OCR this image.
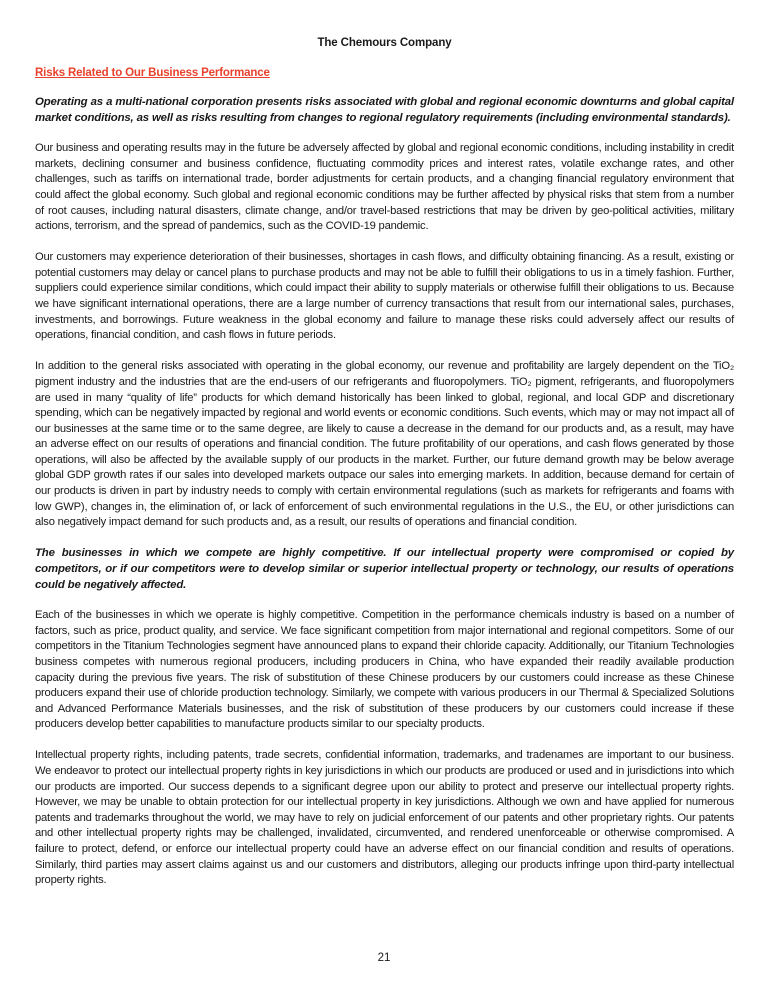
The Chemours Company
Risks Related to Our Business Performance
Operating as a multi-national corporation presents risks associated with global and regional economic downturns and global capital market conditions, as well as risks resulting from changes to regional regulatory requirements (including environmental standards).

Our business and operating results may in the future be adversely affected by global and regional economic conditions, including instability in credit markets, declining consumer and business confidence, fluctuating commodity prices and interest rates, volatile exchange rates, and other challenges, such as tariffs on international trade, border adjustments for certain products, and a changing financial regulatory environment that could affect the global economy. Such global and regional economic conditions may be further affected by physical risks that stem from a number of root causes, including natural disasters, climate change, and/or travel-based restrictions that may be driven by geo-political activities, military actions, terrorism, and the spread of pandemics, such as the COVID-19 pandemic.

Our customers may experience deterioration of their businesses, shortages in cash flows, and difficulty obtaining financing. As a result, existing or potential customers may delay or cancel plans to purchase products and may not be able to fulfill their obligations to us in a timely fashion. Further, suppliers could experience similar conditions, which could impact their ability to supply materials or otherwise fulfill their obligations to us. Because we have significant international operations, there are a large number of currency transactions that result from our international sales, purchases, investments, and borrowings. Future weakness in the global economy and failure to manage these risks could adversely affect our results of operations, financial condition, and cash flows in future periods.

In addition to the general risks associated with operating in the global economy, our revenue and profitability are largely dependent on the TiO₂ pigment industry and the industries that are the end-users of our refrigerants and fluoropolymers. TiO₂ pigment, refrigerants, and fluoropolymers are used in many “quality of life” products for which demand historically has been linked to global, regional, and local GDP and discretionary spending, which can be negatively impacted by regional and world events or economic conditions. Such events, which may or may not impact all of our businesses at the same time or to the same degree, are likely to cause a decrease in the demand for our products and, as a result, may have an adverse effect on our results of operations and financial condition. The future profitability of our operations, and cash flows generated by those operations, will also be affected by the available supply of our products in the market. Further, our future demand growth may be below average global GDP growth rates if our sales into developed markets outpace our sales into emerging markets. In addition, because demand for certain of our products is driven in part by industry needs to comply with certain environmental regulations (such as markets for refrigerants and foams with low GWP), changes in, the elimination of, or lack of enforcement of such environmental regulations in the U.S., the EU, or other jurisdictions can also negatively impact demand for such products and, as a result, our results of operations and financial condition.

The businesses in which we compete are highly competitive. If our intellectual property were compromised or copied by competitors, or if our competitors were to develop similar or superior intellectual property or technology, our results of operations could be negatively affected.

Each of the businesses in which we operate is highly competitive. Competition in the performance chemicals industry is based on a number of factors, such as price, product quality, and service. We face significant competition from major international and regional competitors. Some of our competitors in the Titanium Technologies segment have announced plans to expand their chloride capacity. Additionally, our Titanium Technologies business competes with numerous regional producers, including producers in China, who have expanded their readily available production capacity during the previous five years. The risk of substitution of these Chinese producers by our customers could increase as these Chinese producers expand their use of chloride production technology. Similarly, we compete with various producers in our Thermal & Specialized Solutions and Advanced Performance Materials businesses, and the risk of substitution of these producers by our customers could increase if these producers develop better capabilities to manufacture products similar to our specialty products.

Intellectual property rights, including patents, trade secrets, confidential information, trademarks, and tradenames are important to our business. We endeavor to protect our intellectual property rights in key jurisdictions in which our products are produced or used and in jurisdictions into which our products are imported. Our success depends to a significant degree upon our ability to protect and preserve our intellectual property rights. However, we may be unable to obtain protection for our intellectual property in key jurisdictions. Although we own and have applied for numerous patents and trademarks throughout the world, we may have to rely on judicial enforcement of our patents and other proprietary rights. Our patents and other intellectual property rights may be challenged, invalidated, circumvented, and rendered unenforceable or otherwise compromised. A failure to protect, defend, or enforce our intellectual property could have an adverse effect on our financial condition and results of operations. Similarly, third parties may assert claims against us and our customers and distributors, alleging our products infringe upon third-party intellectual property rights.

21
